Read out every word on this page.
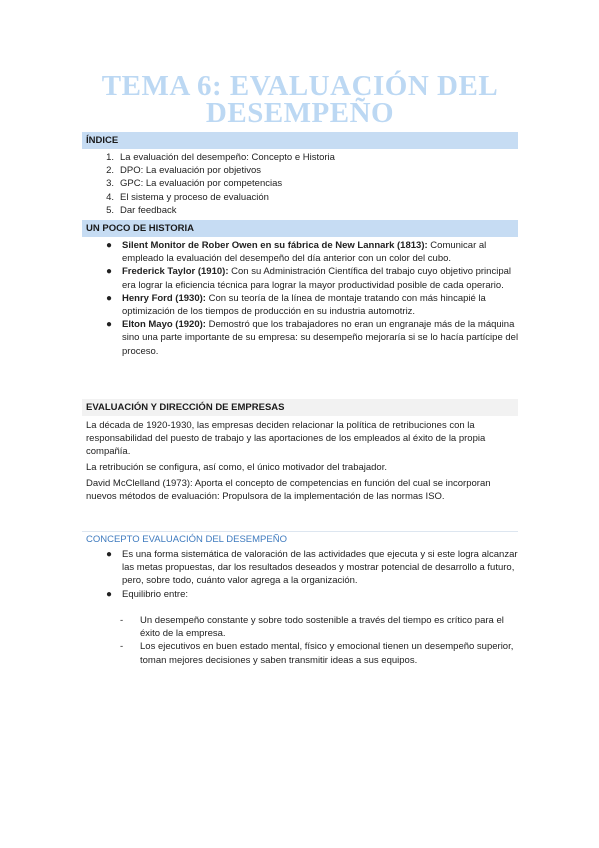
TEMA 6: EVALUACIÓN DEL DESEMPEÑO
ÍNDICE
1. La evaluación del desempeño: Concepto e Historia
2. DPO: La evaluación por objetivos
3. GPC: La evaluación por competencias
4. El sistema y proceso de evaluación
5. Dar feedback
UN POCO DE HISTORIA
● Silent Monitor de Rober Owen en su fábrica de New Lannark (1813): Comunicar al empleado la evaluación del desempeño del día anterior con un color del cubo.
● Frederick Taylor (1910): Con su Administración Científica del trabajo cuyo objetivo principal era lograr la eficiencia técnica para lograr la mayor productividad posible de cada operario.
● Henry Ford (1930): Con su teoría de la línea de montaje tratando con más hincapié la optimización de los tiempos de producción en su industria automotriz.
● Elton Mayo (1920): Demostró que los trabajadores no eran un engranaje más de la máquina sino una parte importante de su empresa: su desempeño mejoraría si se lo hacía partícipe del proceso.
EVALUACIÓN Y DIRECCIÓN DE EMPRESAS

La década de 1920-1930, las empresas deciden relacionar la política de retribuciones con la responsabilidad del puesto de trabajo y las aportaciones de los empleados al éxito de la propia compañía.

La retribución se configura, así como, el único motivador del trabajador.

David McClelland (1973): Aporta el concepto de competencias en función del cual se incorporan nuevos métodos de evaluación: Propulsora de la implementación de las normas ISO.

CONCEPTO EVALUACIÓN DEL DESEMPEÑO
● Es una forma sistemática de valoración de las actividades que ejecuta y si este logra alcanzar las metas propuestas, dar los resultados deseados y mostrar potencial de desarrollo a futuro, pero, sobre todo, cuánto valor agrega a la organización.
● Equilibrio entre:
- Un desempeño constante y sobre todo sostenible a través del tiempo es crítico para el éxito de la empresa.
- Los ejecutivos en buen estado mental, físico y emocional tienen un desempeño superior, toman mejores decisiones y saben transmitir ideas a sus equipos.
